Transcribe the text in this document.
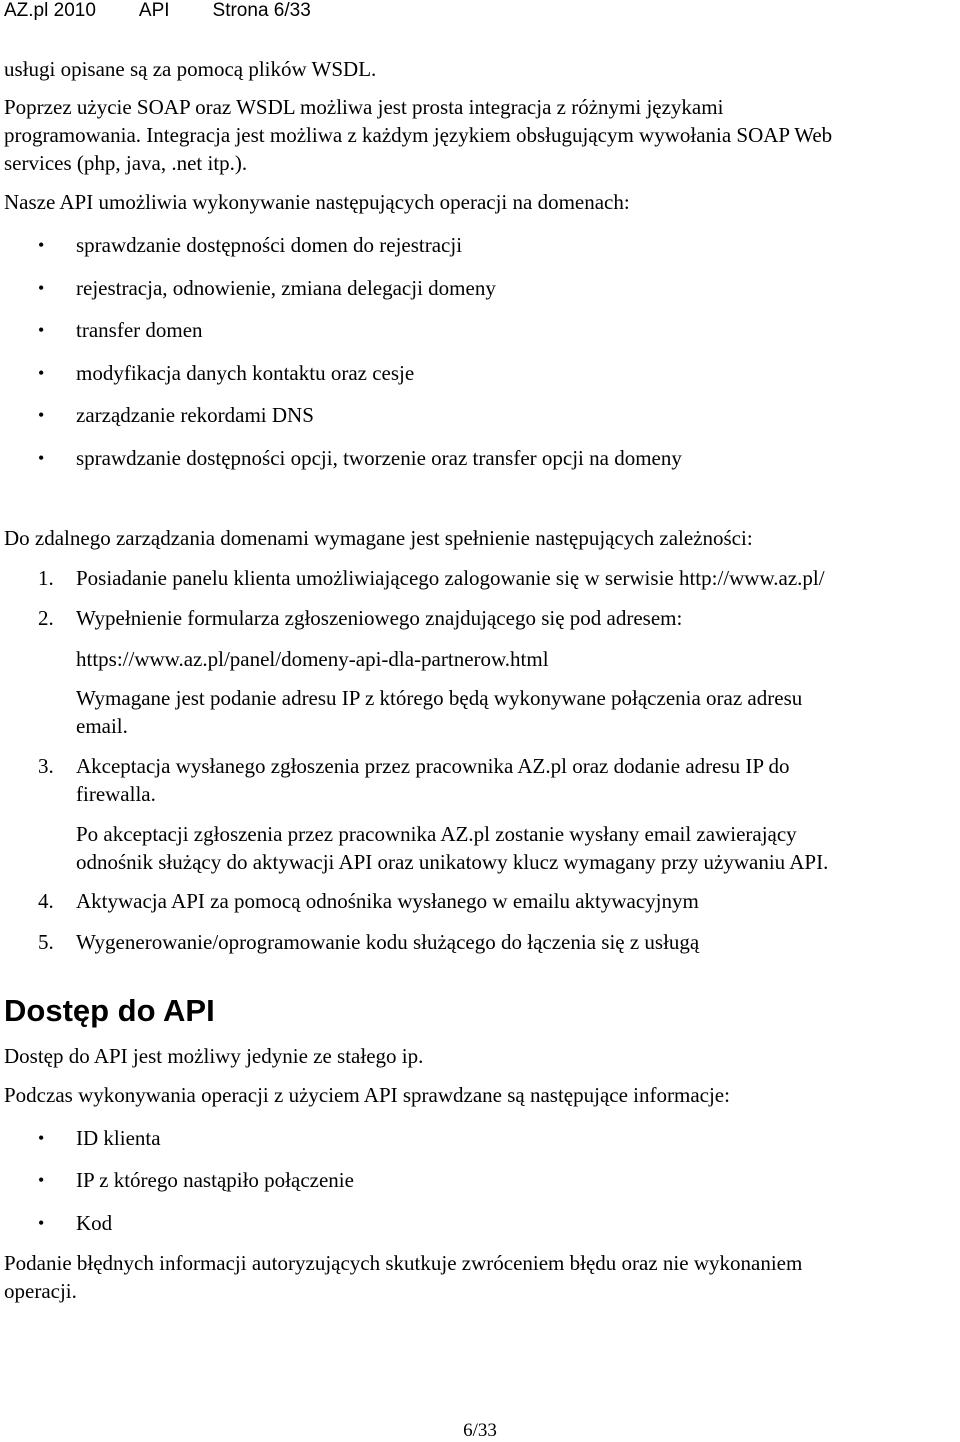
AZ.pl 2010 API Strona 6/33
usługi opisane są za pomocą plików WSDL.
Poprzez użycie SOAP oraz WSDL możliwa jest prosta integracja z różnymi językami
programowania. Integracja jest możliwa z każdym językiem obsługującym wywołania SOAP Web
services (php, java, .net itp.).
Nasze API umożliwia wykonywanie następujących operacji na domenach:
• sprawdzanie dostępności domen do rejestracji
• rejestracja, odnowienie, zmiana delegacji domeny
• transfer domen
• modyfikacja danych kontaktu oraz cesje
• zarządzanie rekordami DNS
• sprawdzanie dostępności opcji, tworzenie oraz transfer opcji na domeny
Do zdalnego zarządzania domenami wymagane jest spełnienie następujących zależności:
1. Posiadanie panelu klienta umożliwiającego zalogowanie się w serwisie http://www.az.pl/
2. Wypełnienie formularza zgłoszeniowego znajdującego się pod adresem:
https://www.az.pl/panel/domeny-api-dla-partnerow.html
Wymagane jest podanie adresu IP z którego będą wykonywane połączenia oraz adresu
email.
3. Akceptacja wysłanego zgłoszenia przez pracownika AZ.pl oraz dodanie adresu IP do
firewalla.
Po akceptacji zgłoszenia przez pracownika AZ.pl zostanie wysłany email zawierający
odnośnik służący do aktywacji API oraz unikatowy klucz wymagany przy używaniu API.
4. Aktywacja API za pomocą odnośnika wysłanego w emailu aktywacyjnym
5. Wygenerowanie/oprogramowanie kodu służącego do łączenia się z usługą
Dostęp do API
Dostęp do API jest możliwy jedynie ze stałego ip.
Podczas wykonywania operacji z użyciem API sprawdzane są następujące informacje:
• ID klienta
• IP z którego nastąpiło połączenie
• Kod
Podanie błędnych informacji autoryzujących skutkuje zwróceniem błędu oraz nie wykonaniem
operacji.
6/33
